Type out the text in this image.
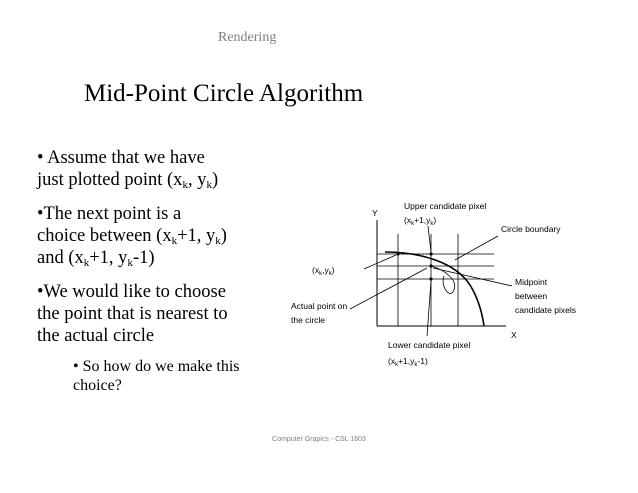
Rendering
Mid-Point Circle Algorithm
• Assume that we have
just plotted point ($x_k$, $y_k$)
•The next point is a
choice between ($x_k+1$, $y_k$)
and ($x_k+1$, $y_k-1$)
•We would like to choose
the point that is nearest to
the actual circle
• So how do we make this
choice?
Y
X
Upper candidate pixel
$(x_k+1,y_k)$
Circle boundary
$(x_k,y_k)$
Midpoint
between
candidate pixels
Actual point on
the circle
Lower candidate pixel
$(x_k+1,y_k-1)$
Computer Grapics - CSL 1603
